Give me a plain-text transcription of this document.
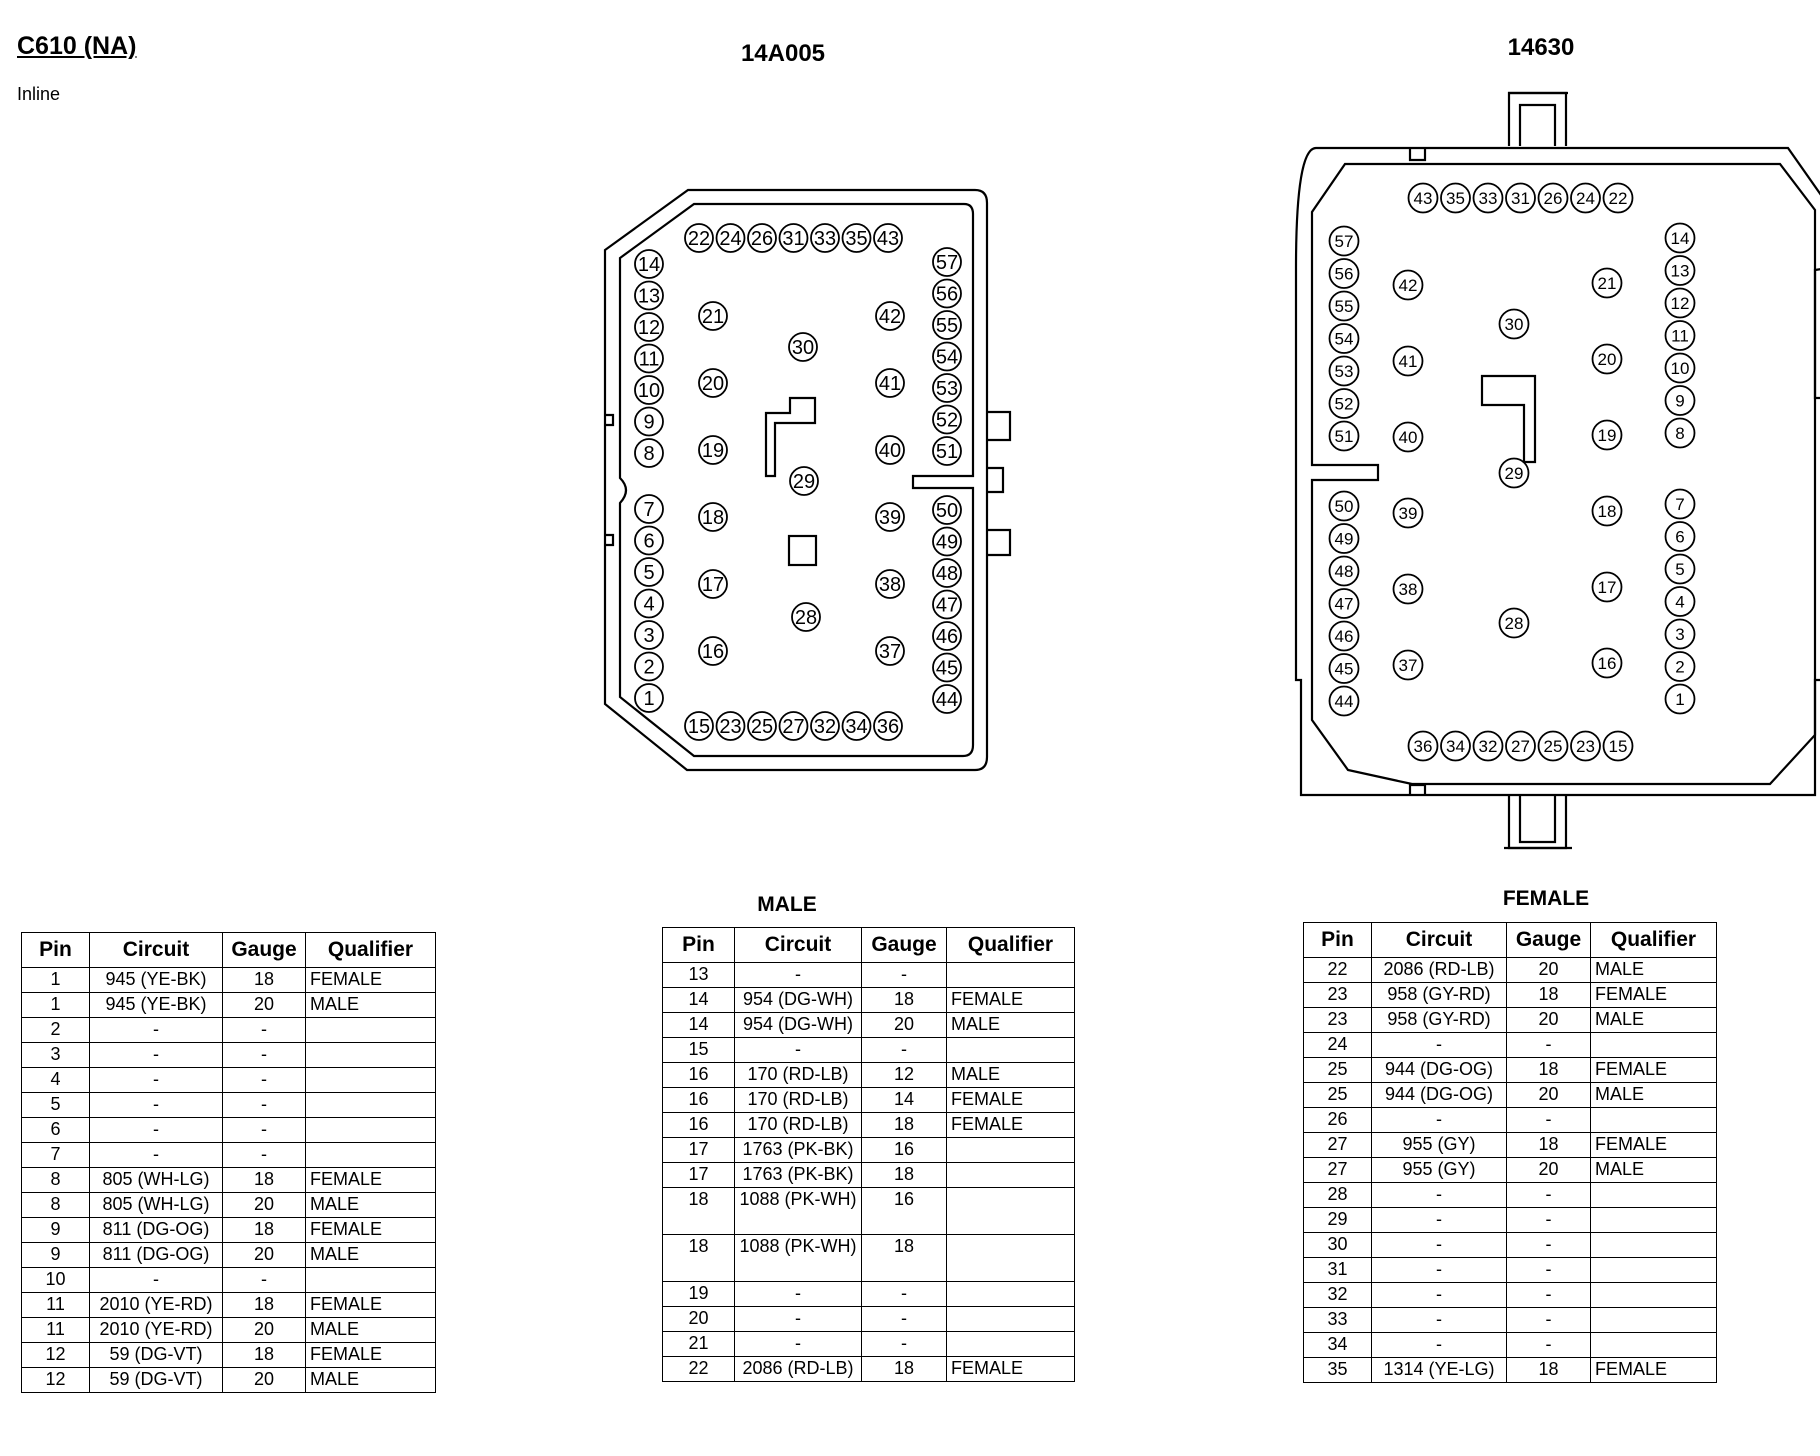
C610 (NA)
Inline
14A005	14630
MALE	FEMALE
22 24 26 31 33 35 43
15 23 25 27 32 34 36
14
13
12
11
10
9
8
7
6
5
4
3
2
1
57
56
55
54
53
52
51
50
49
48
47
46
45
44
21
20
19
18
17
16
42
41
40
39
38
37
30
29
28
43 35 33 31 26 24 22
36 34 32 27 25 23 15
57
56
55
54
53
52
51
50
49
48
47
46
45
44
14
13
12
11
10
9
8
7
6
5
4
3
2
1
42
41
40
39
38
37
21
20
19
18
17
16
30
29
28
Pin	Circuit	Gauge	Qualifier
1	945 (YE-BK)	18	FEMALE
1	945 (YE-BK)	20	MALE
2	-	-	
3	-	-	
4	-	-	
5	-	-	
6	-	-	
7	-	-	
8	805 (WH-LG)	18	FEMALE
8	805 (WH-LG)	20	MALE
9	811 (DG-OG)	18	FEMALE
9	811 (DG-OG)	20	MALE
10	-	-	
11	2010 (YE-RD)	18	FEMALE
11	2010 (YE-RD)	20	MALE
12	59 (DG-VT)	18	FEMALE
12	59 (DG-VT)	20	MALE
Pin	Circuit	Gauge	Qualifier
13	-	-	
14	954 (DG-WH)	18	FEMALE
14	954 (DG-WH)	20	MALE
15	-	-	
16	170 (RD-LB)	12	MALE
16	170 (RD-LB)	14	FEMALE
16	170 (RD-LB)	18	FEMALE
17	1763 (PK-BK)	16	
17	1763 (PK-BK)	18	
18	1088 (PK-WH)	16	
18	1088 (PK-WH)	18	
19	-	-	
20	-	-	
21	-	-	
22	2086 (RD-LB)	18	FEMALE
Pin	Circuit	Gauge	Qualifier
22	2086 (RD-LB)	20	MALE
23	958 (GY-RD)	18	FEMALE
23	958 (GY-RD)	20	MALE
24	-	-	
25	944 (DG-OG)	18	FEMALE
25	944 (DG-OG)	20	MALE
26	-	-	
27	955 (GY)	18	FEMALE
27	955 (GY)	20	MALE
28	-	-	
29	-	-	
30	-	-	
31	-	-	
32	-	-	
33	-	-	
34	-	-	
35	1314 (YE-LG)	18	FEMALE
